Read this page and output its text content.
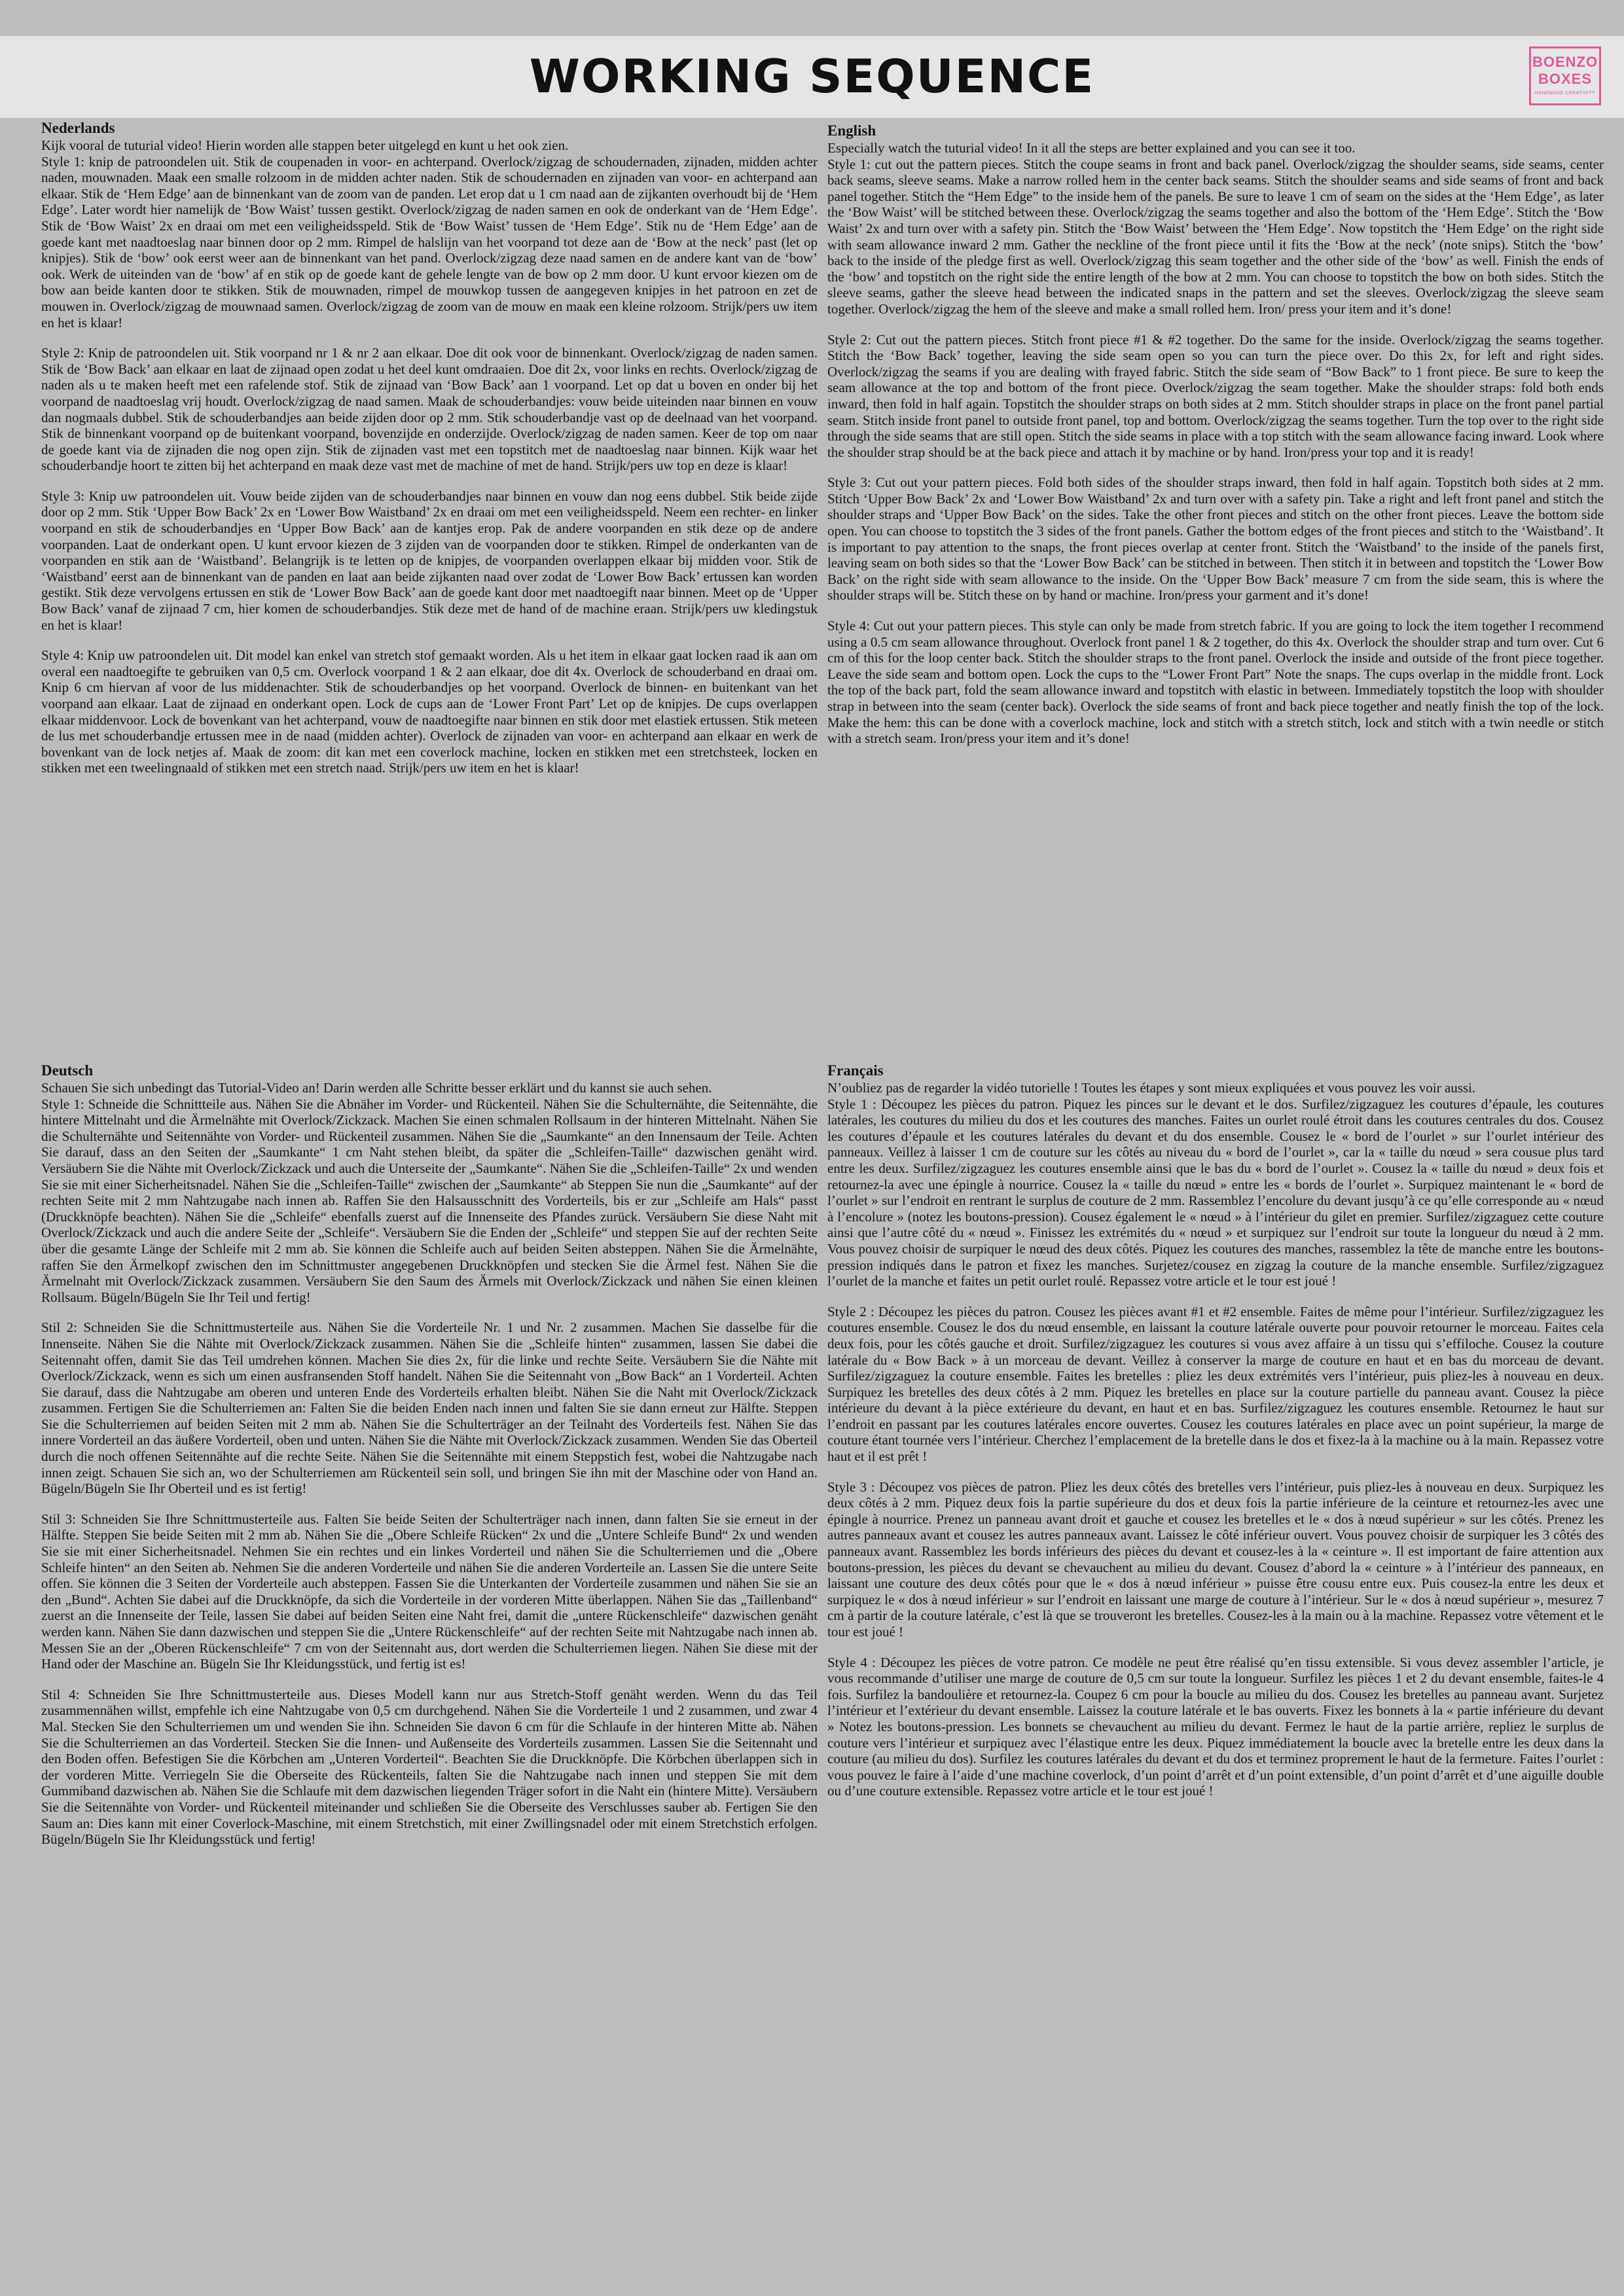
WORKING SEQUENCE	BOENZO
BOXES
HANDMADE CREATIVITY
Nederlands

Kijk vooral de tuturial video! Hierin worden alle stappen beter uitgelegd en kunt u het ook zien.

Style 1: knip de patroondelen uit. Stik de coupenaden in voor- en achterpand. Overlock/zigzag de schoudernaden, zijnaden, midden achter naden, mouwnaden. Maak een smalle rolzoom in de midden achter naden. Stik de schoudernaden en zijnaden van voor- en achterpand aan elkaar. Stik de ‘Hem Edge’ aan de binnenkant van de zoom van de panden. Let erop dat u 1 cm naad aan de zijkanten overhoudt bij de ‘Hem Edge’. Later wordt hier namelijk de ‘Bow Waist’ tussen gestikt. Overlock/zigzag de naden samen en ook de onderkant van de ‘Hem Edge’. Stik de ‘Bow Waist’ 2x en draai om met een veiligheidsspeld. Stik de ‘Bow Waist’ tussen de ‘Hem Edge’. Stik nu de ‘Hem Edge’ aan de goede kant met naadtoeslag naar binnen door op 2 mm. Rimpel de halslijn van het voorpand tot deze aan de ‘Bow at the neck’ past (let op knipjes). Stik de ‘bow’ ook eerst weer aan de binnenkant van het pand. Overlock/zigzag deze naad samen en de andere kant van de ‘bow’ ook. Werk de uiteinden van de ‘bow’ af en stik op de goede kant de gehele lengte van de bow op 2 mm door. U kunt ervoor kiezen om de bow aan beide kanten door te stikken. Stik de mouwnaden, rimpel de mouwkop tussen de aangegeven knipjes in het patroon en zet de mouwen in. Overlock/zigzag de mouwnaad samen. Overlock/zigzag de zoom van de mouw en maak een kleine rolzoom. Strijk/pers uw item en het is klaar!

Style 2: Knip de patroondelen uit. Stik voorpand nr 1 & nr 2 aan elkaar. Doe dit ook voor de binnenkant. Overlock/zigzag de naden samen. Stik de ‘Bow Back’ aan elkaar en laat de zijnaad open zodat u het deel kunt omdraaien. Doe dit 2x, voor links en rechts. Overlock/zigzag de naden als u te maken heeft met een rafelende stof. Stik de zijnaad van ‘Bow Back’ aan 1 voorpand. Let op dat u boven en onder bij het voorpand de naadtoeslag vrij houdt. Overlock/zigzag de naad samen. Maak de schouderbandjes: vouw beide uiteinden naar binnen en vouw dan nogmaals dubbel. Stik de schouderbandjes aan beide zijden door op 2 mm. Stik schouderbandje vast op de deelnaad van het voorpand. Stik de binnenkant voorpand op de buitenkant voorpand, bovenzijde en onderzijde. Overlock/zigzag de naden samen. Keer de top om naar de goede kant via de zijnaden die nog open zijn. Stik de zijnaden vast met een topstitch met de naadtoeslag naar binnen. Kijk waar het schouderbandje hoort te zitten bij het achterpand en maak deze vast met de machine of met de hand. Strijk/pers uw top en deze is klaar!

Style 3: Knip uw patroondelen uit. Vouw beide zijden van de schouderbandjes naar binnen en vouw dan nog eens dubbel. Stik beide zijde door op 2 mm. Stik ‘Upper Bow Back’ 2x en ‘Lower Bow Waistband’ 2x en draai om met een veiligheidsspeld. Neem een rechter- en linker voorpand en stik de schouderbandjes en ‘Upper Bow Back’ aan de kantjes erop. Pak de andere voorpanden en stik deze op de andere voorpanden. Laat de onderkant open. U kunt ervoor kiezen de 3 zijden van de voorpanden door te stikken. Rimpel de onderkanten van de voorpanden en stik aan de ‘Waistband’. Belangrijk is te letten op de knipjes, de voorpanden overlappen elkaar bij midden voor. Stik de ‘Waistband’ eerst aan de binnenkant van de panden en laat aan beide zijkanten naad over zodat de ‘Lower Bow Back’ ertussen kan worden gestikt. Stik deze vervolgens ertussen en stik de ‘Lower Bow Back’ aan de goede kant door met naadtoegift naar binnen. Meet op de ‘Upper Bow Back’ vanaf de zijnaad 7 cm, hier komen de schouderbandjes. Stik deze met de hand of de machine eraan. Strijk/pers uw kledingstuk en het is klaar!

Style 4: Knip uw patroondelen uit. Dit model kan enkel van stretch stof gemaakt worden. Als u het item in elkaar gaat locken raad ik aan om overal een naadtoegifte te gebruiken van 0,5 cm. Overlock voorpand 1 & 2 aan elkaar, doe dit 4x. Overlock de schouderband en draai om. Knip 6 cm hiervan af voor de lus middenachter. Stik de schouderbandjes op het voorpand. Overlock de binnen- en buitenkant van het voorpand aan elkaar. Laat de zijnaad en onderkant open. Lock de cups aan de ‘Lower Front Part’ Let op de knipjes. De cups overlappen elkaar middenvoor. Lock de bovenkant van het achterpand, vouw de naadtoegifte naar binnen en stik door met elastiek ertussen. Stik meteen de lus met schouderbandje ertussen mee in de naad (midden achter). Overlock de zijnaden van voor- en achterpand aan elkaar en werk de bovenkant van de lock netjes af. Maak de zoom: dit kan met een coverlock machine, locken en stikken met een stretchsteek, locken en stikken met een tweelingnaald of stikken met een stretch naad. Strijk/pers uw item en het is klaar!

English

Especially watch the tuturial video! In it all the steps are better explained and you can see it too.

Style 1: cut out the pattern pieces. Stitch the coupe seams in front and back panel. Overlock/zigzag the shoulder seams, side seams, center back seams, sleeve seams. Make a narrow rolled hem in the center back seams. Stitch the shoulder seams and side seams of front and back panel together. Stitch the “Hem Edge” to the inside hem of the panels. Be sure to leave 1 cm of seam on the sides at the ‘Hem Edge’, as later the ‘Bow Waist’ will be stitched between these. Overlock/zigzag the seams together and also the bottom of the ‘Hem Edge’. Stitch the ‘Bow Waist’ 2x and turn over with a safety pin. Stitch the ‘Bow Waist’ between the ‘Hem Edge’. Now topstitch the ‘Hem Edge’ on the right side with seam allowance inward 2 mm. Gather the neckline of the front piece until it fits the ‘Bow at the neck’ (note snips). Stitch the ‘bow’ back to the inside of the pledge first as well. Overlock/zigzag this seam together and the other side of the ‘bow’ as well. Finish the ends of the ‘bow’ and topstitch on the right side the entire length of the bow at 2 mm. You can choose to topstitch the bow on both sides. Stitch the sleeve seams, gather the sleeve head between the indicated snaps in the pattern and set the sleeves. Overlock/zigzag the sleeve seam together. Overlock/zigzag the hem of the sleeve and make a small rolled hem. Iron/ press your item and it’s done!

Style 2: Cut out the pattern pieces. Stitch front piece #1 & #2 together. Do the same for the inside. Overlock/zigzag the seams together. Stitch the ‘Bow Back’ together, leaving the side seam open so you can turn the piece over. Do this 2x, for left and right sides. Overlock/zigzag the seams if you are dealing with frayed fabric. Stitch the side seam of “Bow Back” to 1 front piece. Be sure to keep the seam allowance at the top and bottom of the front piece. Overlock/zigzag the seam together. Make the shoulder straps: fold both ends inward, then fold in half again. Topstitch the shoulder straps on both sides at 2 mm. Stitch shoulder straps in place on the front panel partial seam. Stitch inside front panel to outside front panel, top and bottom. Overlock/zigzag the seams together. Turn the top over to the right side through the side seams that are still open. Stitch the side seams in place with a top stitch with the seam allowance facing inward. Look where the shoulder strap should be at the back piece and attach it by machine or by hand. Iron/press your top and it is ready!

Style 3: Cut out your pattern pieces. Fold both sides of the shoulder straps inward, then fold in half again. Topstitch both sides at 2 mm. Stitch ‘Upper Bow Back’ 2x and ‘Lower Bow Waistband’ 2x and turn over with a safety pin. Take a right and left front panel and stitch the shoulder straps and ‘Upper Bow Back’ on the sides. Take the other front pieces and stitch on the other front pieces. Leave the bottom side open. You can choose to topstitch the 3 sides of the front panels. Gather the bottom edges of the front pieces and stitch to the ‘Waistband’. It is important to pay attention to the snaps, the front pieces overlap at center front. Stitch the ‘Waistband’ to the inside of the panels first, leaving seam on both sides so that the ‘Lower Bow Back’ can be stitched in between. Then stitch it in between and topstitch the ‘Lower Bow Back’ on the right side with seam allowance to the inside. On the ‘Upper Bow Back’ measure 7 cm from the side seam, this is where the shoulder straps will be. Stitch these on by hand or machine. Iron/press your garment and it’s done!

Style 4: Cut out your pattern pieces. This style can only be made from stretch fabric. If you are going to lock the item together I recommend using a 0.5 cm seam allowance throughout. Overlock front panel 1 & 2 together, do this 4x. Overlock the shoulder strap and turn over. Cut 6 cm of this for the loop center back. Stitch the shoulder straps to the front panel. Overlock the inside and outside of the front piece together. Leave the side seam and bottom open. Lock the cups to the “Lower Front Part” Note the snaps. The cups overlap in the middle front. Lock the top of the back part, fold the seam allowance inward and topstitch with elastic in between. Immediately topstitch the loop with shoulder strap in between into the seam (center back). Overlock the side seams of front and back piece together and neatly finish the top of the lock. Make the hem: this can be done with a coverlock machine, lock and stitch with a stretch stitch, lock and stitch with a twin needle or stitch with a stretch seam. Iron/press your item and it’s done!

Deutsch

Schauen Sie sich unbedingt das Tutorial-Video an! Darin werden alle Schritte besser erklärt und du kannst sie auch sehen.

Style 1: Schneide die Schnittteile aus. Nähen Sie die Abnäher im Vorder- und Rückenteil. Nähen Sie die Schulternähte, die Seitennähte, die hintere Mittelnaht und die Ärmelnähte mit Overlock/Zickzack. Machen Sie einen schmalen Rollsaum in der hinteren Mittelnaht. Nähen Sie die Schulternähte und Seitennähte von Vorder- und Rückenteil zusammen. Nähen Sie die „Saumkante“ an den Innensaum der Teile. Achten Sie darauf, dass an den Seiten der „Saumkante“ 1 cm Naht stehen bleibt, da später die „Schleifen-Taille“ dazwischen genäht wird. Versäubern Sie die Nähte mit Overlock/Zickzack und auch die Unterseite der „Saumkante“. Nähen Sie die „Schleifen-Taille“ 2x und wenden Sie sie mit einer Sicherheitsnadel. Nähen Sie die „Schleifen-Taille“ zwischen der „Saumkante“ ab Steppen Sie nun die „Saumkante“ auf der rechten Seite mit 2 mm Nahtzugabe nach innen ab. Raffen Sie den Halsausschnitt des Vorderteils, bis er zur „Schleife am Hals“ passt (Druckknöpfe beachten). Nähen Sie die „Schleife“ ebenfalls zuerst auf die Innenseite des Pfandes zurück. Versäubern Sie diese Naht mit Overlock/Zickzack und auch die andere Seite der „Schleife“. Versäubern Sie die Enden der „Schleife“ und steppen Sie auf der rechten Seite über die gesamte Länge der Schleife mit 2 mm ab. Sie können die Schleife auch auf beiden Seiten absteppen. Nähen Sie die Ärmelnähte, raffen Sie den Ärmelkopf zwischen den im Schnittmuster angegebenen Druckknöpfen und stecken Sie die Ärmel fest. Nähen Sie die Ärmelnaht mit Overlock/Zickzack zusammen. Versäubern Sie den Saum des Ärmels mit Overlock/Zickzack und nähen Sie einen kleinen Rollsaum. Bügeln/Bügeln Sie Ihr Teil und fertig!

Stil 2: Schneiden Sie die Schnittmusterteile aus. Nähen Sie die Vorderteile Nr. 1 und Nr. 2 zusammen. Machen Sie dasselbe für die Innenseite. Nähen Sie die Nähte mit Overlock/Zickzack zusammen. Nähen Sie die „Schleife hinten“ zusammen, lassen Sie dabei die Seitennaht offen, damit Sie das Teil umdrehen können. Machen Sie dies 2x, für die linke und rechte Seite. Versäubern Sie die Nähte mit Overlock/Zickzack, wenn es sich um einen ausfransenden Stoff handelt. Nähen Sie die Seitennaht von „Bow Back“ an 1 Vorderteil. Achten Sie darauf, dass die Nahtzugabe am oberen und unteren Ende des Vorderteils erhalten bleibt. Nähen Sie die Naht mit Overlock/Zickzack zusammen. Fertigen Sie die Schulterriemen an: Falten Sie die beiden Enden nach innen und falten Sie sie dann erneut zur Hälfte. Steppen Sie die Schulterriemen auf beiden Seiten mit 2 mm ab. Nähen Sie die Schulterträger an der Teilnaht des Vorderteils fest. Nähen Sie das innere Vorderteil an das äußere Vorderteil, oben und unten. Nähen Sie die Nähte mit Overlock/Zickzack zusammen. Wenden Sie das Oberteil durch die noch offenen Seitennähte auf die rechte Seite. Nähen Sie die Seitennähte mit einem Steppstich fest, wobei die Nahtzugabe nach innen zeigt. Schauen Sie sich an, wo der Schulterriemen am Rückenteil sein soll, und bringen Sie ihn mit der Maschine oder von Hand an. Bügeln/Bügeln Sie Ihr Oberteil und es ist fertig!

Stil 3: Schneiden Sie Ihre Schnittmusterteile aus. Falten Sie beide Seiten der Schulterträger nach innen, dann falten Sie sie erneut in der Hälfte. Steppen Sie beide Seiten mit 2 mm ab. Nähen Sie die „Obere Schleife Rücken“ 2x und die „Untere Schleife Bund“ 2x und wenden Sie sie mit einer Sicherheitsnadel. Nehmen Sie ein rechtes und ein linkes Vorderteil und nähen Sie die Schulterriemen und die „Obere Schleife hinten“ an den Seiten ab. Nehmen Sie die anderen Vorderteile und nähen Sie die anderen Vorderteile an. Lassen Sie die untere Seite offen. Sie können die 3 Seiten der Vorderteile auch absteppen. Fassen Sie die Unterkanten der Vorderteile zusammen und nähen Sie sie an den „Bund“. Achten Sie dabei auf die Druckknöpfe, da sich die Vorderteile in der vorderen Mitte überlappen. Nähen Sie das „Taillenband“ zuerst an die Innenseite der Teile, lassen Sie dabei auf beiden Seiten eine Naht frei, damit die „untere Rückenschleife“ dazwischen genäht werden kann. Nähen Sie dann dazwischen und steppen Sie die „Untere Rückenschleife“ auf der rechten Seite mit Nahtzugabe nach innen ab. Messen Sie an der „Oberen Rückenschleife“ 7 cm von der Seitennaht aus, dort werden die Schulterriemen liegen. Nähen Sie diese mit der Hand oder der Maschine an. Bügeln Sie Ihr Kleidungsstück, und fertig ist es!

Stil 4: Schneiden Sie Ihre Schnittmusterteile aus. Dieses Modell kann nur aus Stretch-Stoff genäht werden. Wenn du das Teil zusammennähen willst, empfehle ich eine Nahtzugabe von 0,5 cm durchgehend. Nähen Sie die Vorderteile 1 und 2 zusammen, und zwar 4 Mal. Stecken Sie den Schulterriemen um und wenden Sie ihn. Schneiden Sie davon 6 cm für die Schlaufe in der hinteren Mitte ab. Nähen Sie die Schulterriemen an das Vorderteil. Stecken Sie die Innen- und Außenseite des Vorderteils zusammen. Lassen Sie die Seitennaht und den Boden offen. Befestigen Sie die Körbchen am „Unteren Vorderteil“. Beachten Sie die Druckknöpfe. Die Körbchen überlappen sich in der vorderen Mitte. Verriegeln Sie die Oberseite des Rückenteils, falten Sie die Nahtzugabe nach innen und steppen Sie mit dem Gummiband dazwischen ab. Nähen Sie die Schlaufe mit dem dazwischen liegenden Träger sofort in die Naht ein (hintere Mitte). Versäubern Sie die Seitennähte von Vorder- und Rückenteil miteinander und schließen Sie die Oberseite des Verschlusses sauber ab. Fertigen Sie den Saum an: Dies kann mit einer Coverlock-Maschine, mit einem Stretchstich, mit einer Zwillingsnadel oder mit einem Stretchstich erfolgen. Bügeln/Bügeln Sie Ihr Kleidungsstück und fertig!

Français

N’oubliez pas de regarder la vidéo tutorielle ! Toutes les étapes y sont mieux expliquées et vous pouvez les voir aussi.

Style 1 : Découpez les pièces du patron. Piquez les pinces sur le devant et le dos. Surfilez/zigzaguez les coutures d’épaule, les coutures latérales, les coutures du milieu du dos et les coutures des manches. Faites un ourlet roulé étroit dans les coutures centrales du dos. Cousez les coutures d’épaule et les coutures latérales du devant et du dos ensemble. Cousez le « bord de l’ourlet » sur l’ourlet intérieur des panneaux. Veillez à laisser 1 cm de couture sur les côtés au niveau du « bord de l’ourlet », car la « taille du nœud » sera cousue plus tard entre les deux. Surfilez/zigzaguez les coutures ensemble ainsi que le bas du « bord de l’ourlet ». Cousez la « taille du nœud » deux fois et retournez-la avec une épingle à nourrice. Cousez la « taille du nœud » entre les « bords de l’ourlet ». Surpiquez maintenant le « bord de l’ourlet » sur l’endroit en rentrant le surplus de couture de 2 mm. Rassemblez l’encolure du devant jusqu’à ce qu’elle corresponde au « nœud à l’encolure » (notez les boutons-pression). Cousez également le « nœud » à l’intérieur du gilet en premier. Surfilez/zigzaguez cette couture ainsi que l’autre côté du « nœud ». Finissez les extrémités du « nœud » et surpiquez sur l’endroit sur toute la longueur du nœud à 2 mm. Vous pouvez choisir de surpiquer le nœud des deux côtés. Piquez les coutures des manches, rassemblez la tête de manche entre les boutons-pression indiqués dans le patron et fixez les manches. Surjetez/cousez en zigzag la couture de la manche ensemble. Surfilez/zigzaguez l’ourlet de la manche et faites un petit ourlet roulé. Repassez votre article et le tour est joué !

Style 2 : Découpez les pièces du patron. Cousez les pièces avant #1 et #2 ensemble. Faites de même pour l’intérieur. Surfilez/zigzaguez les coutures ensemble. Cousez le dos du nœud ensemble, en laissant la couture latérale ouverte pour pouvoir retourner le morceau. Faites cela deux fois, pour les côtés gauche et droit. Surfilez/zigzaguez les coutures si vous avez affaire à un tissu qui s’effiloche. Cousez la couture latérale du « Bow Back » à un morceau de devant. Veillez à conserver la marge de couture en haut et en bas du morceau de devant. Surfilez/zigzaguez la couture ensemble. Faites les bretelles : pliez les deux extrémités vers l’intérieur, puis pliez-les à nouveau en deux. Surpiquez les bretelles des deux côtés à 2 mm. Piquez les bretelles en place sur la couture partielle du panneau avant. Cousez la pièce intérieure du devant à la pièce extérieure du devant, en haut et en bas. Surfilez/zigzaguez les coutures ensemble. Retournez le haut sur l’endroit en passant par les coutures latérales encore ouvertes. Cousez les coutures latérales en place avec un point supérieur, la marge de couture étant tournée vers l’intérieur. Cherchez l’emplacement de la bretelle dans le dos et fixez-la à la machine ou à la main. Repassez votre haut et il est prêt !

Style 3 : Découpez vos pièces de patron. Pliez les deux côtés des bretelles vers l’intérieur, puis pliez-les à nouveau en deux. Surpiquez les deux côtés à 2 mm. Piquez deux fois la partie supérieure du dos et deux fois la partie inférieure de la ceinture et retournez-les avec une épingle à nourrice. Prenez un panneau avant droit et gauche et cousez les bretelles et le « dos à nœud supérieur » sur les côtés. Prenez les autres panneaux avant et cousez les autres panneaux avant. Laissez le côté inférieur ouvert. Vous pouvez choisir de surpiquer les 3 côtés des panneaux avant. Rassemblez les bords inférieurs des pièces du devant et cousez-les à la « ceinture ». Il est important de faire attention aux boutons-pression, les pièces du devant se chevauchent au milieu du devant. Cousez d’abord la « ceinture » à l’intérieur des panneaux, en laissant une couture des deux côtés pour que le « dos à nœud inférieur » puisse être cousu entre eux. Puis cousez-la entre les deux et surpiquez le « dos à nœud inférieur » sur l’endroit en laissant une marge de couture à l’intérieur. Sur le « dos à nœud supérieur », mesurez 7 cm à partir de la couture latérale, c’est là que se trouveront les bretelles. Cousez-les à la main ou à la machine. Repassez votre vêtement et le tour est joué !

Style 4 : Découpez les pièces de votre patron. Ce modèle ne peut être réalisé qu’en tissu extensible. Si vous devez assembler l’article, je vous recommande d’utiliser une marge de couture de 0,5 cm sur toute la longueur. Surfilez les pièces 1 et 2 du devant ensemble, faites-le 4 fois. Surfilez la bandoulière et retournez-la. Coupez 6 cm pour la boucle au milieu du dos. Cousez les bretelles au panneau avant. Surjetez l’intérieur et l’extérieur du devant ensemble. Laissez la couture latérale et le bas ouverts. Fixez les bonnets à la « partie inférieure du devant » Notez les boutons-pression. Les bonnets se chevauchent au milieu du devant. Fermez le haut de la partie arrière, repliez le surplus de couture vers l’intérieur et surpiquez avec l’élastique entre les deux. Piquez immédiatement la boucle avec la bretelle entre les deux dans la couture (au milieu du dos). Surfilez les coutures latérales du devant et du dos et terminez proprement le haut de la fermeture. Faites l’ourlet : vous pouvez le faire à l’aide d’une machine coverlock, d’un point d’arrêt et d’un point extensible, d’un point d’arrêt et d’une aiguille double ou d’une couture extensible. Repassez votre article et le tour est joué !
